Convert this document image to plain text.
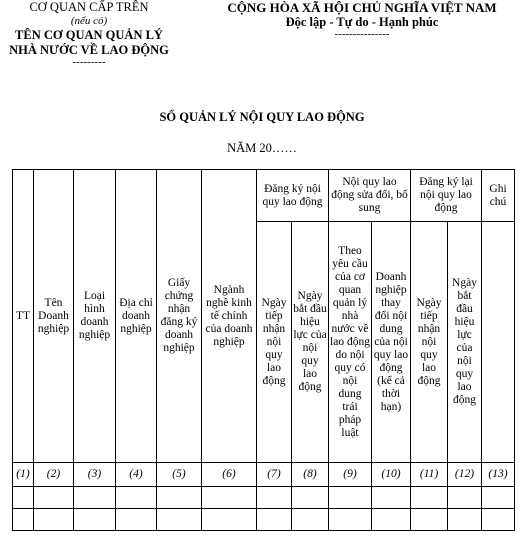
CƠ QUAN CẤP TRÊN
(nếu có)
TÊN CƠ QUAN QUẢN LÝ
NHÀ NƯỚC VỀ LAO ĐỘNG
---------
CỘNG HÒA XÃ HỘI CHỦ NGHĨA VIỆT NAM
Độc lập - Tự do - Hạnh phúc
---------------
SỔ QUẢN LÝ NỘI QUY LAO ĐỘNG
NĂM 20……
TT	Tên Doanh nghiệp	Loại hình doanh nghiệp	Địa chỉ doanh nghiệp	Giấy chứng nhận đăng ký doanh nghiệp	Ngành nghề kinh tế chính của doanh nghiệp	Đăng ký nội quy lao động		Nội quy lao động sửa đổi, bổ sung		Đăng ký lại nội quy lao động		Ghi chú
						Ngày tiếp nhận nội quy lao động	Ngày bắt đầu hiệu lực của nội quy lao động	Theo yêu cầu của cơ quan quản lý nhà nước về lao động do nội quy có nội dung trái pháp luật	Doanh nghiệp thay đổi nội dung của nội quy lao động (kể cả thời hạn)	Ngày tiếp nhận nội quy lao động	Ngày bắt đầu hiệu lực của nội quy lao động	
(1)	(2)	(3)	(4)	(5)	(6)	(7)	(8)	(9)	(10)	(11)	(12)	(13)
